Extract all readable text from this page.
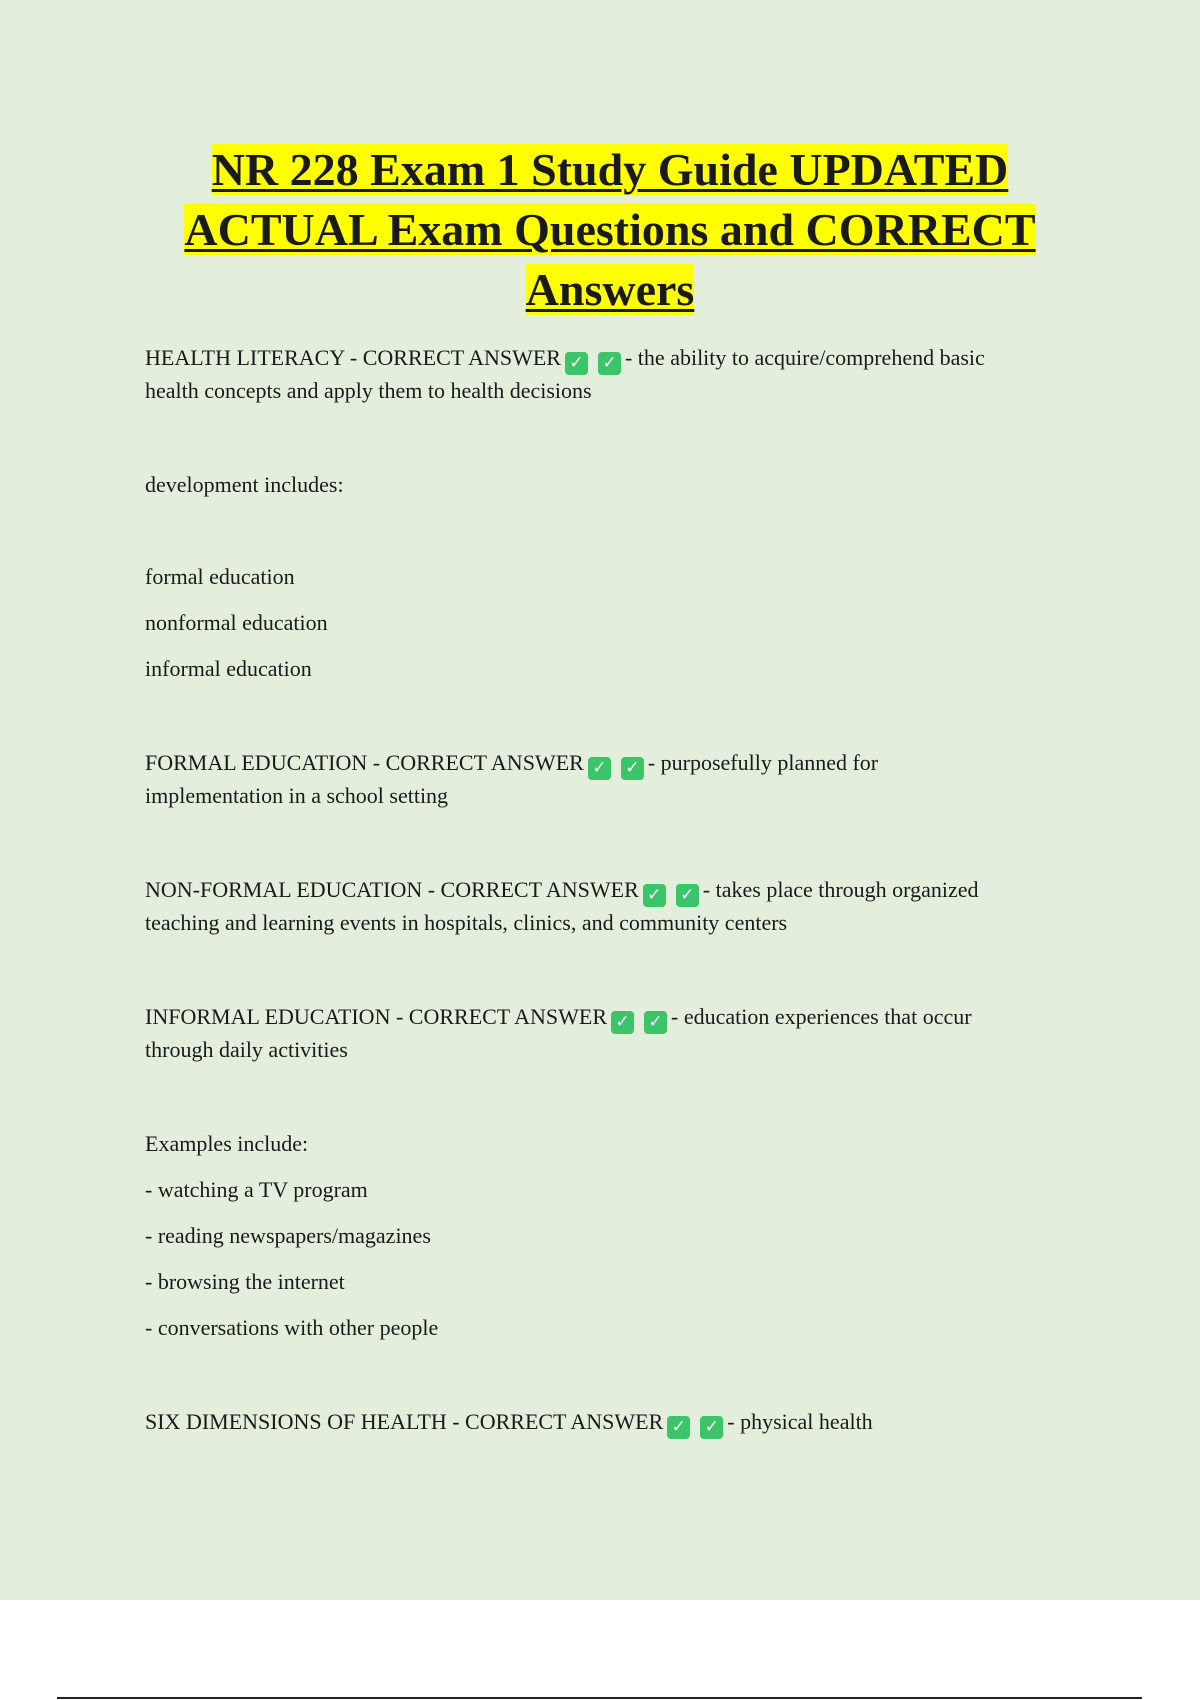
NR 228 Exam 1 Study Guide UPDATED
ACTUAL Exam Questions and CORRECT
Answers

HEALTH LITERACY - CORRECT ANSWER ✓ ✓ - the ability to acquire/comprehend basic

health concepts and apply them to health decisions

development includes:

formal education

nonformal education

informal education

FORMAL EDUCATION - CORRECT ANSWER ✓ ✓ - purposefully planned for

implementation in a school setting

NON-FORMAL EDUCATION - CORRECT ANSWER ✓ ✓ - takes place through organized

teaching and learning events in hospitals, clinics, and community centers

INFORMAL EDUCATION - CORRECT ANSWER ✓ ✓ - education experiences that occur

through daily activities

Examples include:

- watching a TV program

- reading newspapers/magazines

- browsing the internet

- conversations with other people

SIX DIMENSIONS OF HEALTH - CORRECT ANSWER ✓ ✓ - physical health
